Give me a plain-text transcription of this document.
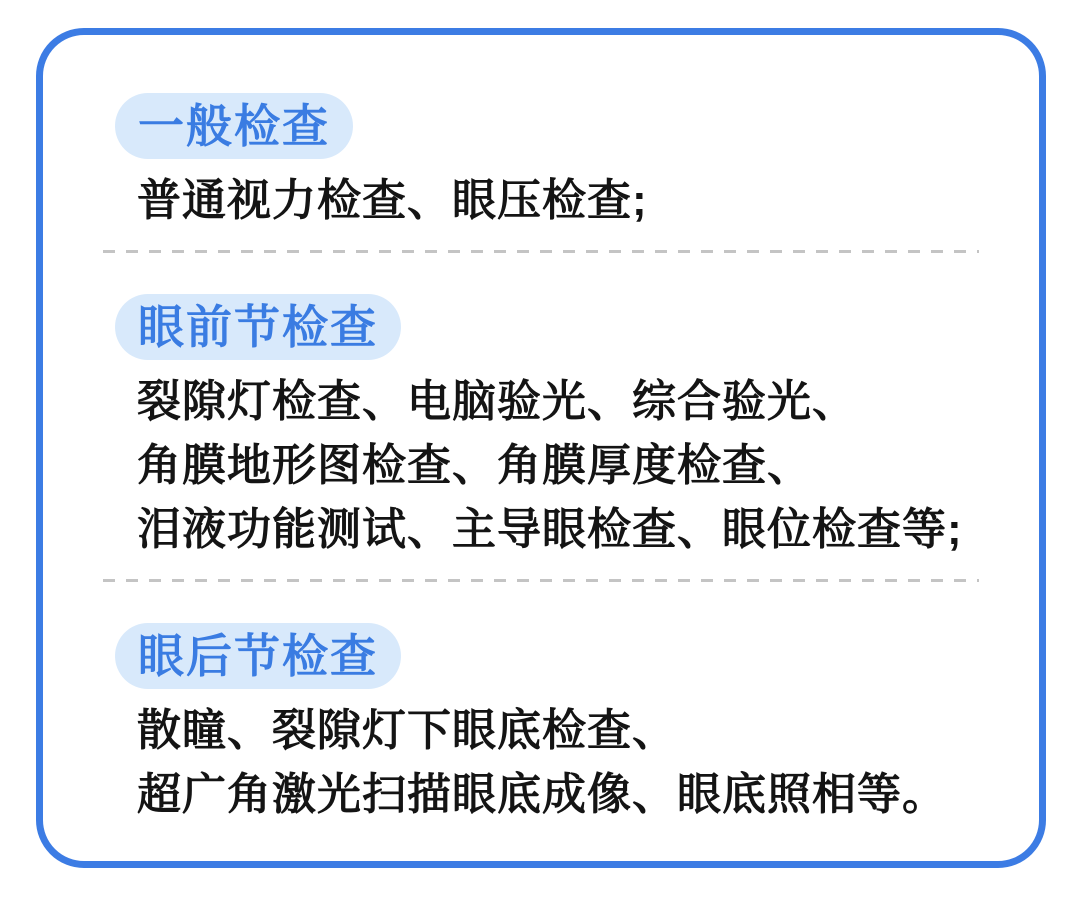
一般检查
普通视力检查、眼压检查;
眼前节检查
裂隙灯检查、电脑验光、综合验光、
角膜地形图检查、角膜厚度检查、
泪液功能测试、主导眼检查、眼位检查等;
眼后节检查
散瞳、裂隙灯下眼底检查、
超广角激光扫描眼底成像、眼底照相等。
